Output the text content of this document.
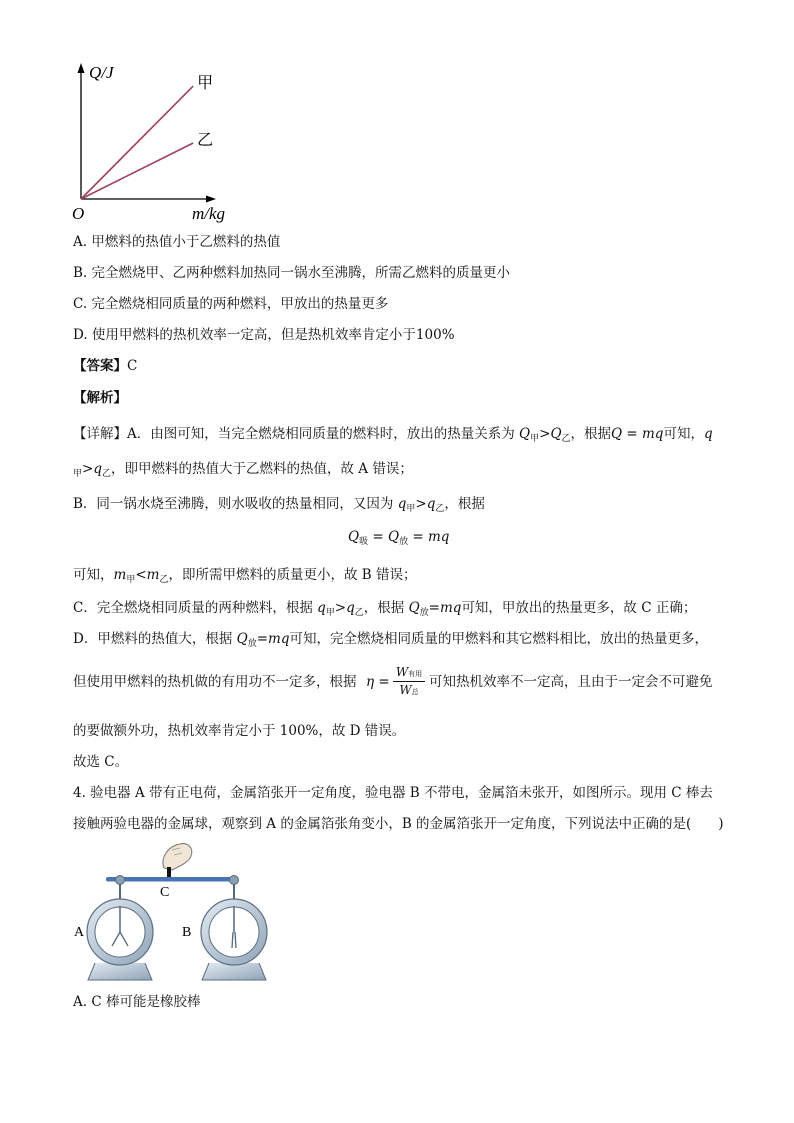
甲
乙
Q/J
m/kg
O
A. 甲燃料的热值小于乙燃料的热值
B. 完全燃烧甲、乙两种燃料加热同一锅水至沸腾，所需乙燃料的质量更小
C. 完全燃烧相同质量的两种燃料，甲放出的热量更多
D. 使用甲燃料的热机效率一定高，但是热机效率肯定小于100%
【答案】C
【解析】
【详解】A．由图可知，当完全燃烧相同质量的燃料时，放出的热量关系为 $Q_甲>Q_乙$，根据Q = mq可知，q
$_甲>q_乙$，即甲燃料的热值大于乙燃料的热值，故 A 错误；
B．同一锅水烧至沸腾，则水吸收的热量相同，又因为 $q_甲>q_乙$，根据
$Q_吸 = Q_放$ = mq
可知，$m_甲<m_乙$，即所需甲燃料的质量更小，故 B 错误；
C．完全燃烧相同质量的两种燃料，根据 $q_甲>q_乙$，根据 $Q_放=mq$可知，甲放出的热量更多，故 C 正确；
D．甲燃料的热值大，根据 $Q_放=mq$可知，完全燃烧相同质量的甲燃料和其它燃料相比，放出的热量更多，
但使用甲燃料的热机做的有用功不一定多，根据 η =
W有用
W总
可知热机效率不一定高，且由于一定会不可避免
的要做额外功，热机效率肯定小于 100%，故 D 错误。
故选 C。
4. 验电器 A 带有正电荷，金属箔张开一定角度，验电器 B 不带电，金属箔未张开，如图所示。现用 C 棒去
接触两验电器的金属球，观察到 A 的金属箔张角变小，B 的金属箔张开一定角度，下列说法中正确的是(　　)
C
A	B
A. C 棒可能是橡胶棒
